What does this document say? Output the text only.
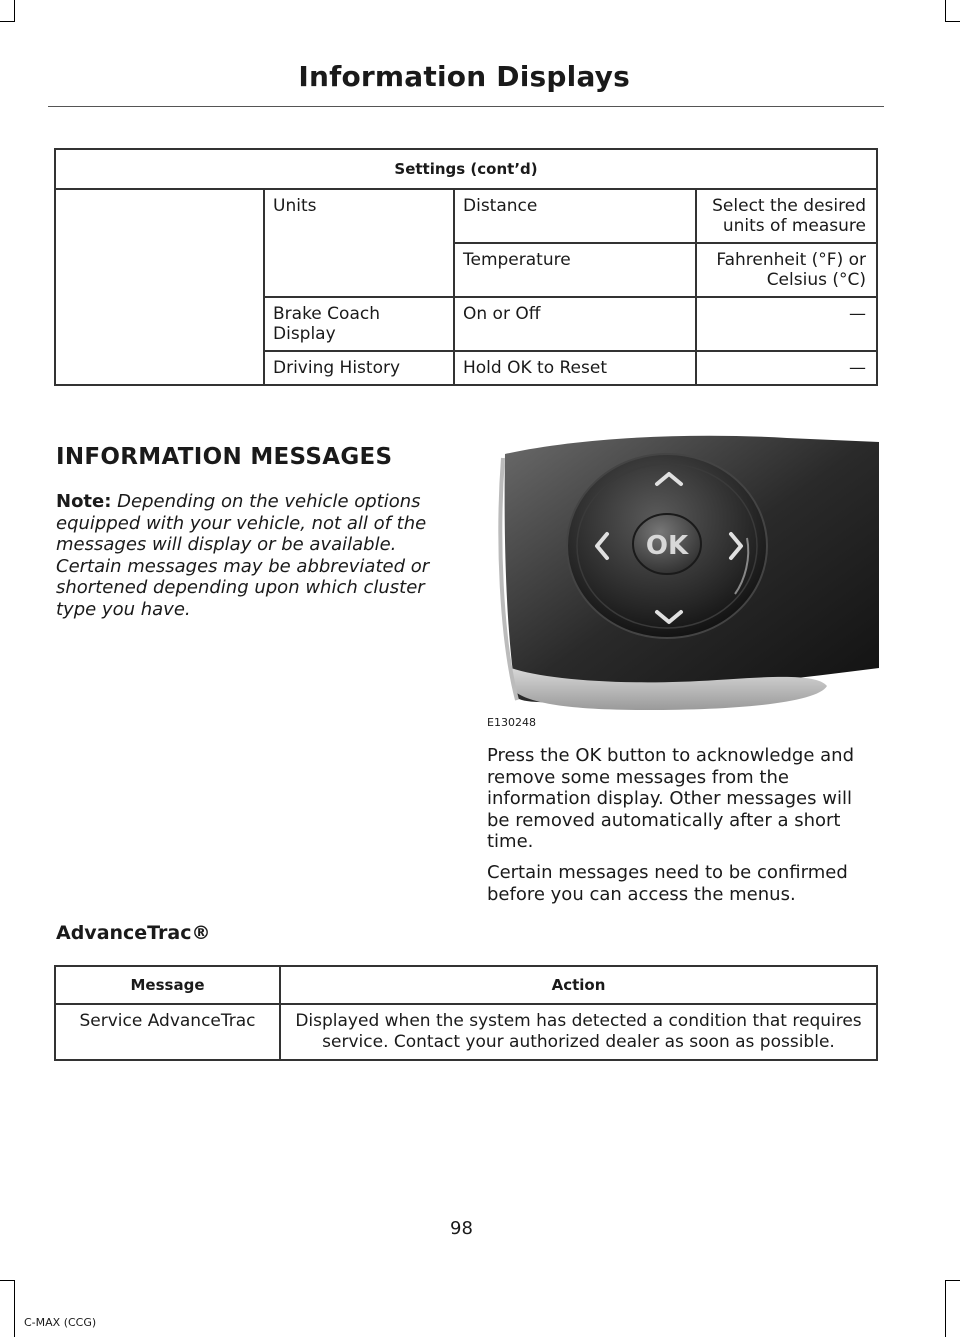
Information Displays
Settings (cont’d)			
	Units	Distance	Select the desired units of measure
		Temperature	Fahrenheit (°F) or Celsius (°C)
	Brake Coach Display	On or Off	—
	Driving History	Hold OK to Reset	—
INFORMATION MESSAGES
Note: Depending on the vehicle options equipped with your vehicle, not all of the messages will display or be available. Certain messages may be abbreviated or shortened depending upon which cluster type you have.
OK
E130248
Press the OK button to acknowledge and remove some messages from the information display. Other messages will be removed automatically after a short time.
Certain messages need to be confirmed before you can access the menus.
AdvanceTrac®
Message	Action
Service AdvanceTrac	Displayed when the system has detected a condition that requires service. Contact your authorized dealer as soon as possible.
98
C-MAX (CCG)
